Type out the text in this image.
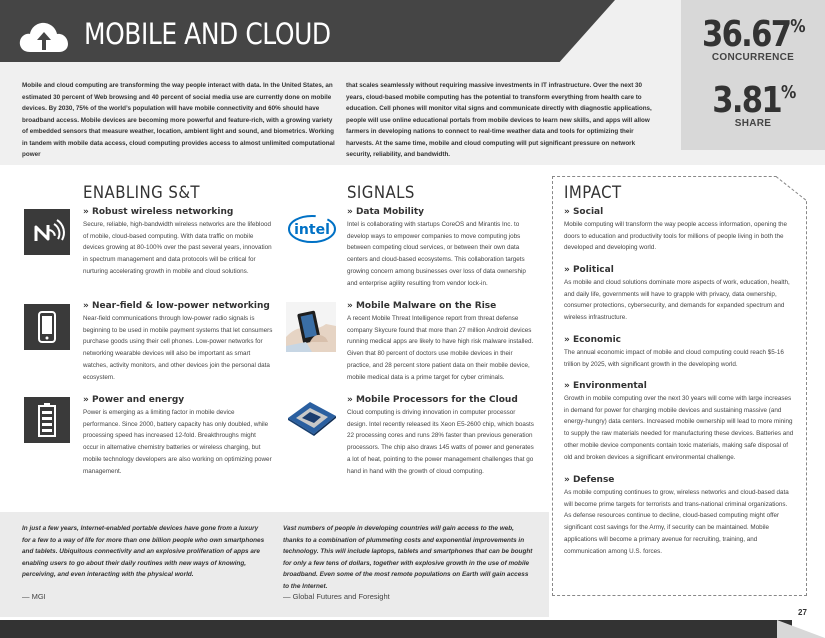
MOBILE AND CLOUD	36.67%
CONCURRENCE
3.81%
SHARE
Mobile and cloud computing are transforming the way people interact with data. In the United States, an estimated 30 percent of Web browsing and 40 percent of social media use are currently done on mobile devices. By 2030, 75% of the world’s population will have mobile connectivity and 60% should have broadband access. Mobile devices are becoming more powerful and feature-rich, with a growing variety of embedded sensors that measure weather, location, ambient light and sound, and biometrics. Working in tandem with mobile data access, cloud computing provides access to almost unlimited computational power
that scales seamlessly without requiring massive investments in IT infrastructure. Over the next 30 years, cloud-based mobile computing has the potential to transform everything from health care to education. Cell phones will monitor vital signs and communicate directly with diagnostic applications, people will use online educational portals from mobile devices to learn new skills, and apps will allow farmers in developing nations to connect to real-time weather data and tools for optimizing their harvests. At the same time, mobile and cloud computing will put significant pressure on network security, reliability, and bandwidth.
ENABLING S&T
» Robust wireless networking
Secure, reliable, high-bandwidth wireless networks are the lifeblood of mobile, cloud-based computing. With data traffic on mobile devices growing at 80-100% over the past several years, innovation in spectrum management and data protocols will be critical for nurturing accelerating growth in mobile and cloud solutions.
» Near-field & low-power networking
Near-field communications through low-power radio signals is beginning to be used in mobile payment systems that let consumers purchase goods using their cell phones. Low-power networks for networking wearable devices will also be important as smart watches, activity monitors, and other devices join the personal data ecosystem.
» Power and energy
Power is emerging as a limiting factor in mobile device performance. Since 2000, battery capacity has only doubled, while processing speed has increased 12-fold. Breakthroughs might occur in alternative chemistry batteries or wireless charging, but mobile technology developers are also working on optimizing power management.
SIGNALS
intel
» Data Mobility
Intel is collaborating with startups CoreOS and Mirantis Inc. to develop ways to empower companies to move computing jobs between competing cloud services, or between their own data centers and cloud-based ecosystems. This collaboration targets growing concern among businesses over loss of data ownership and enterprise agility resulting from vendor lock-in.
» Mobile Malware on the Rise
A recent Mobile Threat Intelligence report from threat defense company Skycure found that more than 27 million Android devices running medical apps are likely to have high risk malware installed. Given that 80 percent of doctors use mobile devices in their practice, and 28 percent store patient data on their mobile device, mobile medical data is a prime target for cyber criminals.
» Mobile Processors for the Cloud
Cloud computing is driving innovation in computer processor design. Intel recently released its Xeon E5-2600 chip, which boasts 22 processing cores and runs 28% faster than previous generation processors. The chip also draws 145 watts of power and generates a lot of heat, pointing to the power management challenges that go hand in hand with the growth of cloud computing.
IMPACT
» Social
Mobile computing will transform the way people access information, opening the doors to education and productivity tools for millions of people living in both the developed and developing world.
» Political
As mobile and cloud solutions dominate more aspects of work, education, health, and daily life, governments will have to grapple with privacy, data ownership, consumer protections, cybersecurity, and demands for expanded spectrum and wireless infrastructure.
» Economic
The annual economic impact of mobile and cloud computing could reach $5-16 trillion by 2025, with significant growth in the developing world.
» Environmental
Growth in mobile computing over the next 30 years will come with large increases in demand for power for charging mobile devices and sustaining massive (and energy-hungry) data centers. Increased mobile ownership will lead to more mining to supply the raw materials needed for manufacturing these devices. Batteries and other mobile device components contain toxic materials, making safe disposal of old and broken devices a significant environmental challenge.
» Defense
As mobile computing continues to grow, wireless networks and cloud-based data will become prime targets for terrorists and trans-national criminal organizations. As defense resources continue to decline, cloud-based computing might offer significant cost savings for the Army, if security can be maintained. Mobile applications will become a primary avenue for recruiting, training, and communication among U.S. forces.
In just a few years, Internet-enabled portable devices have gone from a luxury for a few to a way of life for more than one billion people who own smartphones and tablets. Ubiquitous connectivity and an explosive proliferation of apps are enabling users to go about their daily routines with new ways of knowing, perceiving, and even interacting with the physical world.
— MGI
Vast numbers of people in developing countries will gain access to the web, thanks to a combination of plummeting costs and exponential improvements in technology. This will include laptops, tablets and smartphones that can be bought for only a few tens of dollars, together with explosive growth in the use of mobile broadband. Even some of the most remote populations on Earth will gain access to the Internet.
— Global Futures and Foresight
27
